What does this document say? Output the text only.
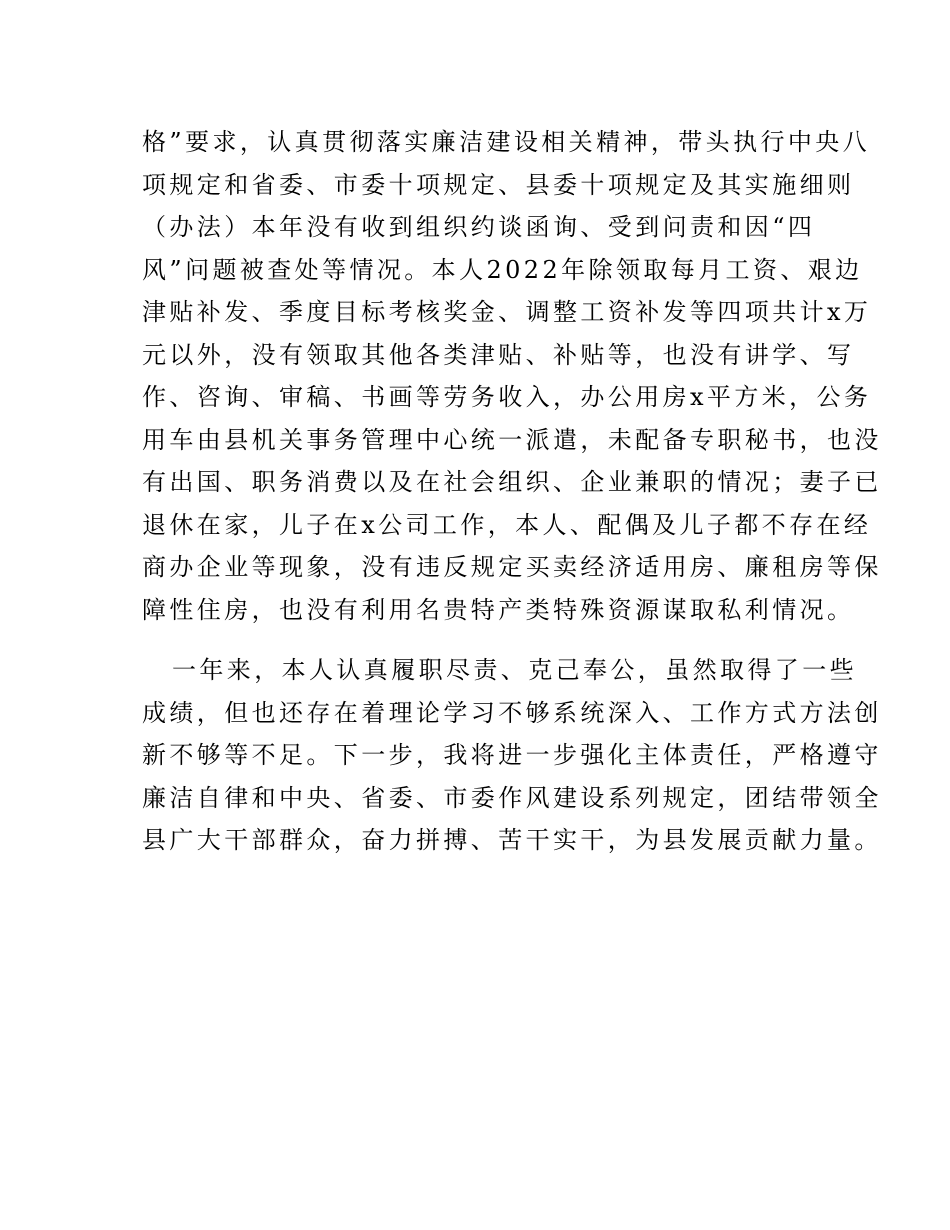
格”要求，认真贯彻落实廉洁建设相关精神，带头执行中央八
项规定和省委、市委十项规定、县委十项规定及其实施细则
（办法）本年没有收到组织约谈函询、受到问责和因“四
风”问题被查处等情况。本人2022年除领取每月工资、艰边
津贴补发、季度目标考核奖金、调整工资补发等四项共计x万
元以外，没有领取其他各类津贴、补贴等，也没有讲学、写
作、咨询、审稿、书画等劳务收入，办公用房x平方米，公务
用车由县机关事务管理中心统一派遣，未配备专职秘书，也没
有出国、职务消费以及在社会组织、企业兼职的情况；妻子已
退休在家，儿子在x公司工作，本人、配偶及儿子都不存在经
商办企业等现象，没有违反规定买卖经济适用房、廉租房等保
障性住房，也没有利用名贵特产类特殊资源谋取私利情况。
一年来，本人认真履职尽责、克己奉公，虽然取得了一些
成绩，但也还存在着理论学习不够系统深入、工作方式方法创
新不够等不足。下一步，我将进一步强化主体责任，严格遵守
廉洁自律和中央、省委、市委作风建设系列规定，团结带领全
县广大干部群众，奋力拼搏、苦干实干，为县发展贡献力量。
